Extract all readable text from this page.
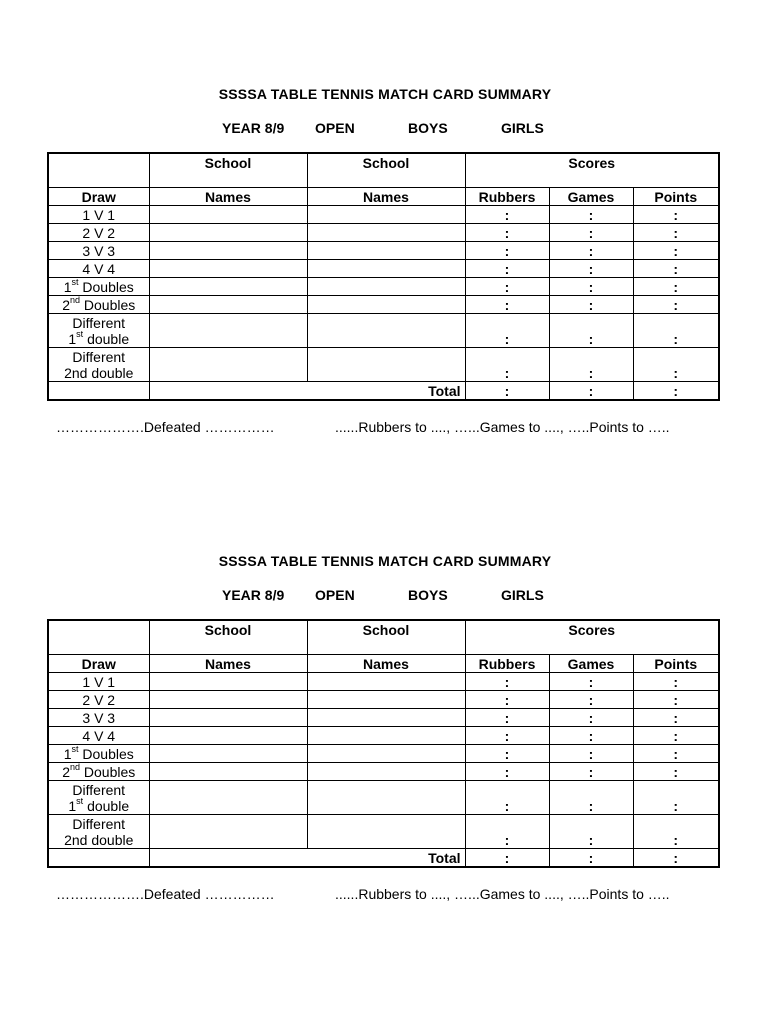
SSSSA TABLE TENNIS MATCH CARD SUMMARY
YEAR 8/9 OPEN	BOYS	GIRLS
	School	School	Scores		
Draw	Names	Names	Rubbers	Games	Points
1 V 1			:	:	:
2 V 2			:	:	:
3 V 3			:	:	:
4 V 4			:	:	:
1st Doubles			:	:	:
2nd Doubles			:	:	:
Different
1st double			:	:	:
Different
2nd double			:	:	:
		Total	:	:	:
……………….Defeated ……………	......Rubbers to ...., …...Games to ...., …..Points to …..
SSSSA TABLE TENNIS MATCH CARD SUMMARY
YEAR 8/9 OPEN	BOYS	GIRLS
	School	School	Scores		
Draw	Names	Names	Rubbers	Games	Points
1 V 1			:	:	:
2 V 2			:	:	:
3 V 3			:	:	:
4 V 4			:	:	:
1st Doubles			:	:	:
2nd Doubles			:	:	:
Different
1st double			:	:	:
Different
2nd double			:	:	:
		Total	:	:	:
……………….Defeated ……………	......Rubbers to ...., …...Games to ...., …..Points to …..
